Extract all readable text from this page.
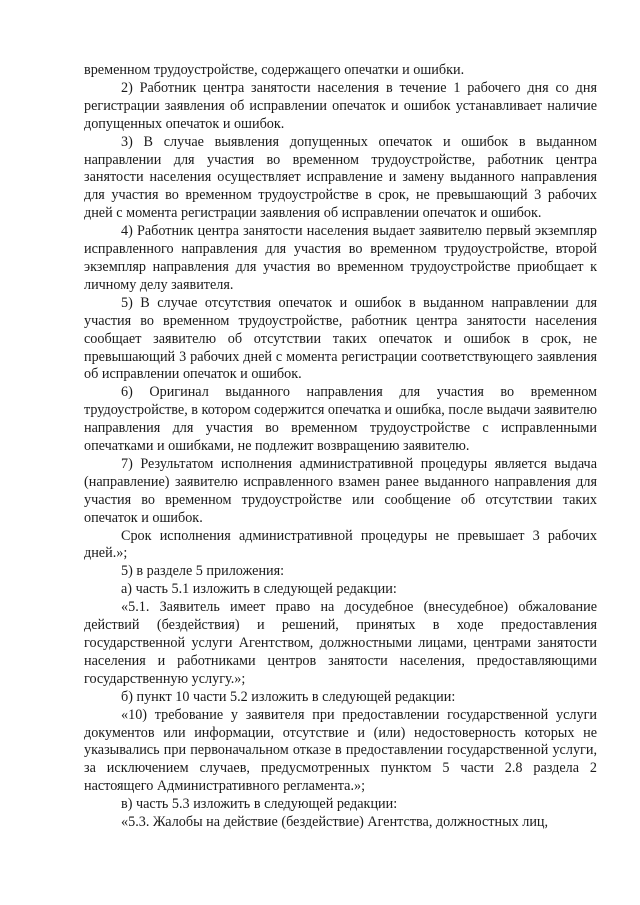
временном трудоустройстве, содержащего опечатки и ошибки.

2) Работник центра занятости населения в течение 1 рабочего дня со дня регистрации заявления об исправлении опечаток и ошибок устанавливает наличие допущенных опечаток и ошибок.

3) В случае выявления допущенных опечаток и ошибок в выданном направлении для участия во временном трудоустройстве, работник центра занятости населения осуществляет исправление и замену выданного направления для участия во временном трудоустройстве в срок, не превышающий 3 рабочих дней с момента регистрации заявления об исправлении опечаток и ошибок.

4) Работник центра занятости населения выдает заявителю первый экземпляр исправленного направления для участия во временном трудоустройстве, второй экземпляр направления для участия во временном трудоустройстве приобщает к личному делу заявителя.

5) В случае отсутствия опечаток и ошибок в выданном направлении для участия во временном трудоустройстве, работник центра занятости населения сообщает заявителю об отсутствии таких опечаток и ошибок в срок, не превышающий 3 рабочих дней с момента регистрации соответствующего заявления об исправлении опечаток и ошибок.

6) Оригинал выданного направления для участия во временном трудоустройстве, в котором содержится опечатка и ошибка, после выдачи заявителю направления для участия во временном трудоустройстве с исправленными опечатками и ошибками, не подлежит возвращению заявителю.

7) Результатом исполнения административной процедуры является выдача (направление) заявителю исправленного взамен ранее выданного направления для участия во временном трудоустройстве или сообщение об отсутствии таких опечаток и ошибок.

Срок исполнения административной процедуры не превышает 3 рабочих дней.»;

5) в разделе 5 приложения:

а) часть 5.1 изложить в следующей редакции:

«5.1. Заявитель имеет право на досудебное (внесудебное) обжалование действий (бездействия) и решений, принятых в ходе предоставления государственной услуги Агентством, должностными лицами, центрами занятости населения и работниками центров занятости населения, предоставляющими государственную услугу.»;

б) пункт 10 части 5.2 изложить в следующей редакции:

«10) требование у заявителя при предоставлении государственной услуги документов или информации, отсутствие и (или) недостоверность которых не указывались при первоначальном отказе в предоставлении государственной услуги, за исключением случаев, предусмотренных пунктом 5 части 2.8 раздела 2 настоящего Административного регламента.»;

в) часть 5.3 изложить в следующей редакции:

«5.3. Жалобы на действие (бездействие) Агентства, должностных лиц,
